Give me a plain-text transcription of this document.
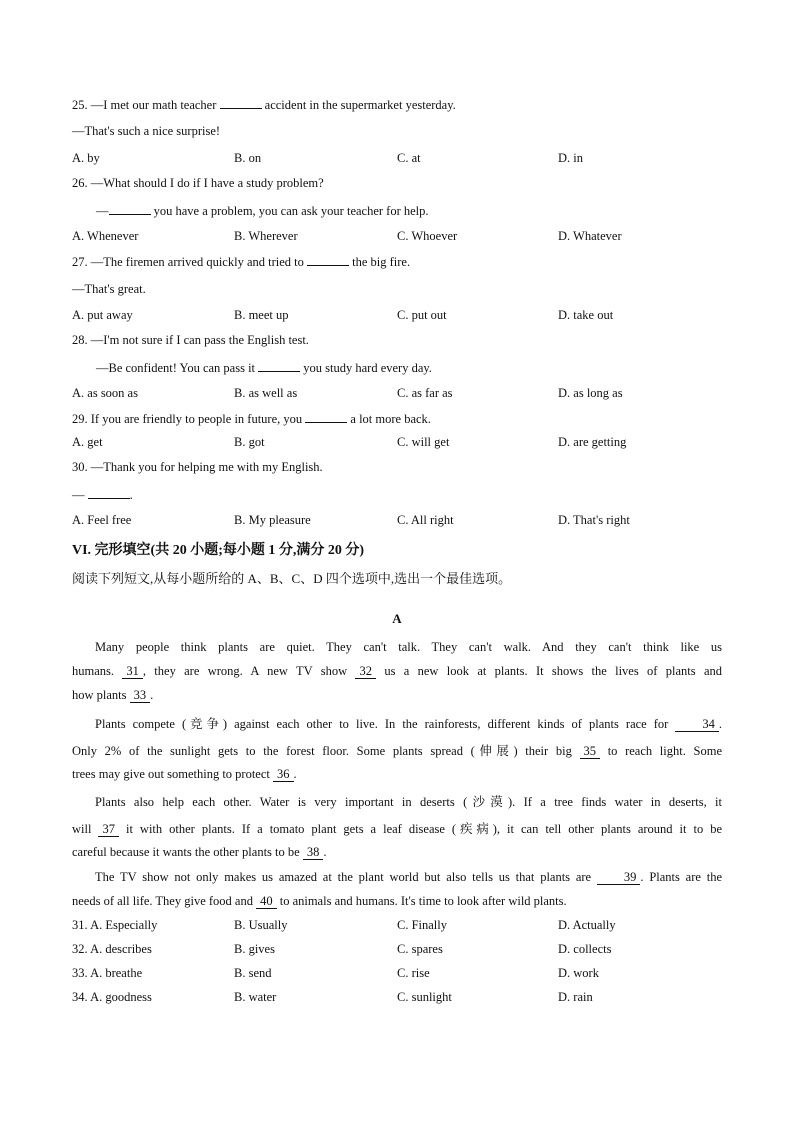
25. —I met our math teacher	accident in the supermarket yesterday.
—That's such a nice surprise!
A. by	B. on	C. at	D. in
26. —What should I do if I have a study problem?
—	you have a problem, you can ask your teacher for help.
A. Whenever	B. Wherever	C. Whoever	D. Whatever
27. —The firemen arrived quickly and tried to	the big fire.
—That's great.
A. put away	B. meet up	C. put out	D. take out
28. —I'm not sure if I can pass the English test.
—Be confident! You can pass it	you study hard every day.
A. as soon as	B. as well as	C. as far as	D. as long as
29. If you are friendly to people in future, you	a lot more back.
A. get	B. got	C. will get	D. are getting
30. —Thank you for helping me with my English.
—	.
A. Feel free	B. My pleasure	C. All right	D. That's right
VI. 完形填空(共 20 小题;每小题 1 分,满分 20 分)
阅读下列短文,从每小题所给的 A、B、C、D 四个选项中,选出一个最佳选项。
A
Many people think plants are quiet. They can't talk. They can't walk. And they can't think like us
humans. 31 , they are wrong. A new TV show 32 us a new look at plants. It shows the lives of plants and
how plants 33 .
Plants compete (竞争) against each other to live. In the rainforests, different kinds of plants race for	34 .
Only 2% of the sunlight gets to the forest floor. Some plants spread (伸展) their big 35 to reach light. Some
trees may give out something to protect 36 .
Plants also help each other. Water is very important in deserts (沙漠). If a tree finds water in deserts, it
will 37 it with other plants. If a tomato plant gets a leaf disease (疾病), it can tell other plants around it to be
careful because it wants the other plants to be 38 .
The TV show not only makes us amazed at the plant world but also tells us that plants are	39 . Plants are the
needs of all life. They give food and 40 to animals and humans. It's time to look after wild plants.
31. A. Especially	B. Usually	C. Finally	D. Actually
32. A. describes	B. gives	C. spares	D. collects
33. A. breathe	B. send	C. rise	D. work
34. A. goodness	B. water	C. sunlight	D. rain
